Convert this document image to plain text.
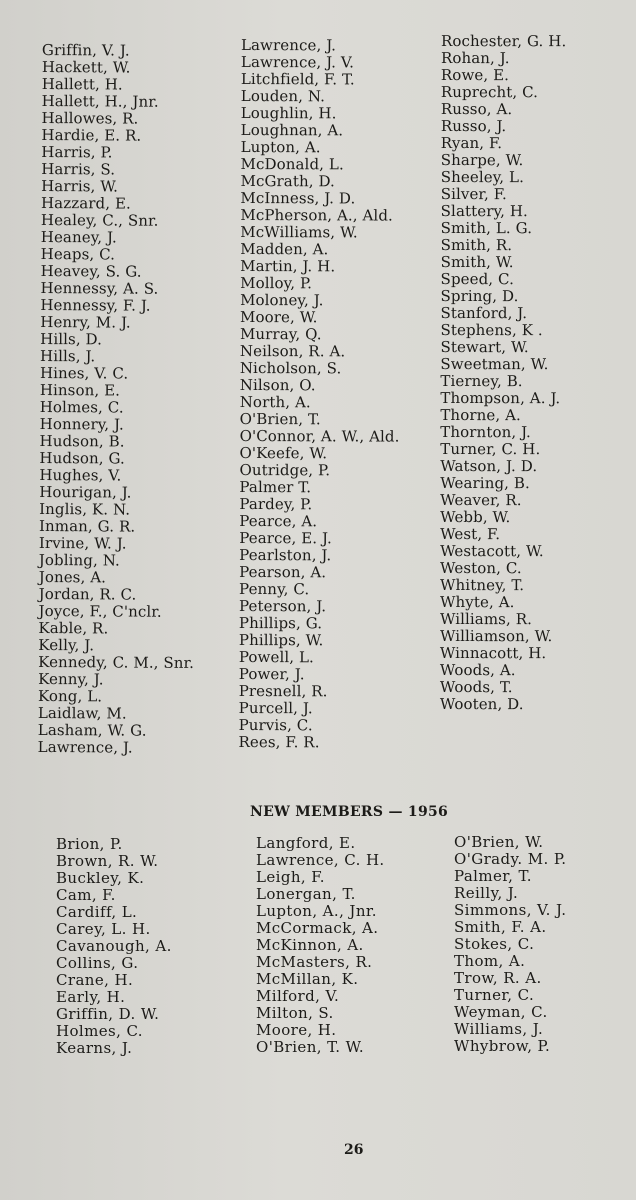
Griffin, V. J.
Hackett, W.
Hallett, H.
Hallett, H., Jnr.
Hallowes, R.
Hardie, E. R.
Harris, P.
Harris, S.
Harris, W.
Hazzard, E.
Healey, C., Snr.
Heaney, J.
Heaps, C.
Heavey, S. G.
Hennessy, A. S.
Hennessy, F. J.
Henry, M. J.
Hills, D.
Hills, J.
Hines, V. C.
Hinson, E.
Holmes, C.
Honnery, J.
Hudson, B.
Hudson, G.
Hughes, V.
Hourigan, J.
Inglis, K. N.
Inman, G. R.
Irvine, W. J.
Jobling, N.
Jones, A.
Jordan, R. C.
Joyce, F., C'nclr.
Kable, R.
Kelly, J.
Kennedy, C. M., Snr.
Kenny, J.
Kong, L.
Laidlaw, M.
Lasham, W. G.
Lawrence, J.
Lawrence, J.
Lawrence, J. V.
Litchfield, F. T.
Louden, N.
Loughlin, H.
Loughnan, A.
Lupton, A.
McDonald, L.
McGrath, D.
McInness, J. D.
McPherson, A., Ald.
McWilliams, W.
Madden, A.
Martin, J. H.
Molloy, P.
Moloney, J.
Moore, W.
Murray, Q.
Neilson, R. A.
Nicholson, S.
Nilson, O.
North, A.
O'Brien, T.
O'Connor, A. W., Ald.
O'Keefe, W.
Outridge, P.
Palmer T.
Pardey, P.
Pearce, A.
Pearce, E. J.
Pearlston, J.
Pearson, A.
Penny, C.
Peterson, J.
Phillips, G.
Phillips, W.
Powell, L.
Power, J.
Presnell, R.
Purcell, J.
Purvis, C.
Rees, F. R.
Rochester, G. H.
Rohan, J.
Rowe, E.
Ruprecht, C.
Russo, A.
Russo, J.
Ryan, F.
Sharpe, W.
Sheeley, L.
Silver, F.
Slattery, H.
Smith, L. G.
Smith, R.
Smith, W.
Speed, C.
Spring, D.
Stanford, J.
Stephens, K .
Stewart, W.
Sweetman, W.
Tierney, B.
Thompson, A. J.
Thorne, A.
Thornton, J.
Turner, C. H.
Watson, J. D.
Wearing, B.
Weaver, R.
Webb, W.
West, F.
Westacott, W.
Weston, C.
Whitney, T.
Whyte, A.
Williams, R.
Williamson, W.
Winnacott, H.
Woods, A.
Woods, T.
Wooten, D.
NEW MEMBERS — 1956
Brion, P.
Brown, R. W.
Buckley, K.
Cam, F.
Cardiff, L.
Carey, L. H.
Cavanough, A.
Collins, G.
Crane, H.
Early, H.
Griffin, D. W.
Holmes, C.
Kearns, J.
Langford, E.
Lawrence, C. H.
Leigh, F.
Lonergan, T.
Lupton, A., Jnr.
McCormack, A.
McKinnon, A.
McMasters, R.
McMillan, K.
Milford, V.
Milton, S.
Moore, H.
O'Brien, T. W.
O'Brien, W.
O'Grady. M. P.
Palmer, T.
Reilly, J.
Simmons, V. J.
Smith, F. A.
Stokes, C.
Thom, A.
Trow, R. A.
Turner, C.
Weyman, C.
Williams, J.
Whybrow, P.
26
